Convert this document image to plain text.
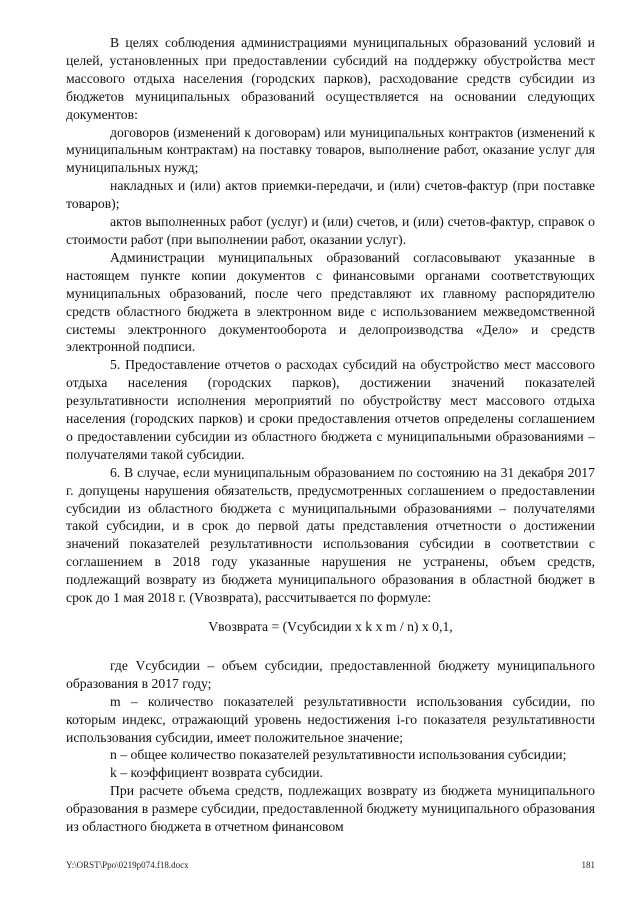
В целях соблюдения администрациями муниципальных образований условий и целей, установленных при предоставлении субсидий на поддержку обустройства мест массового отдыха населения (городских парков), расходование средств субсидии из бюджетов муниципальных образований осуществляется на основании следующих документов:

договоров (изменений к договорам) или муниципальных контрактов (изменений к муниципальным контрактам) на поставку товаров, выполнение работ, оказание услуг для муниципальных нужд;

накладных и (или) актов приемки-передачи, и (или) счетов-фактур (при поставке товаров);

актов выполненных работ (услуг) и (или) счетов, и (или) счетов-фактур, справок о стоимости работ (при выполнении работ, оказании услуг).

Администрации муниципальных образований согласовывают указанные в настоящем пункте копии документов с финансовыми органами соответствующих муниципальных образований, после чего представляют их главному распорядителю средств областного бюджета в электронном виде с использованием межведомственной системы электронного документооборота и делопроизводства «Дело» и средств электронной подписи.

5. Предоставление отчетов о расходах субсидий на обустройство мест массового отдыха населения (городских парков), достижении значений показателей результативности исполнения мероприятий по обустройству мест массового отдыха населения (городских парков) и сроки предоставления отчетов определены соглашением о предоставлении субсидии из областного бюджета с муниципальными образованиями – получателями такой субсидии.

6. В случае, если муниципальным образованием по состоянию на 31 декабря 2017 г. допущены нарушения обязательств, предусмотренных соглашением о предоставлении субсидии из областного бюджета с муниципальными образованиями – получателями такой субсидии, и в срок до первой даты представления отчетности о достижении значений показателей результативности использования субсидии в соответствии с соглашением в 2018 году указанные нарушения не устранены, объем средств, подлежащий возврату из бюджета муниципального образования в областной бюджет в срок до 1 мая 2018 г. (Vвозврата), рассчитывается по формуле:

Vвозврата = (Vсубсидии x k x m / n) x 0,1,

где Vсубсидии – объем субсидии, предоставленной бюджету муниципального образования в 2017 году;

m – количество показателей результативности использования субсидии, по которым индекс, отражающий уровень недостижения i-го показателя результативности использования субсидии, имеет положительное значение;

n – общее количество показателей результативности использования субсидии;

k – коэффициент возврата субсидии.

При расчете объема средств, подлежащих возврату из бюджета муниципального образования в размере субсидии, предоставленной бюджету муниципального образования из областного бюджета в отчетном финансовом

Y:\ORST\Ppo\0219p074.f18.docx	181
